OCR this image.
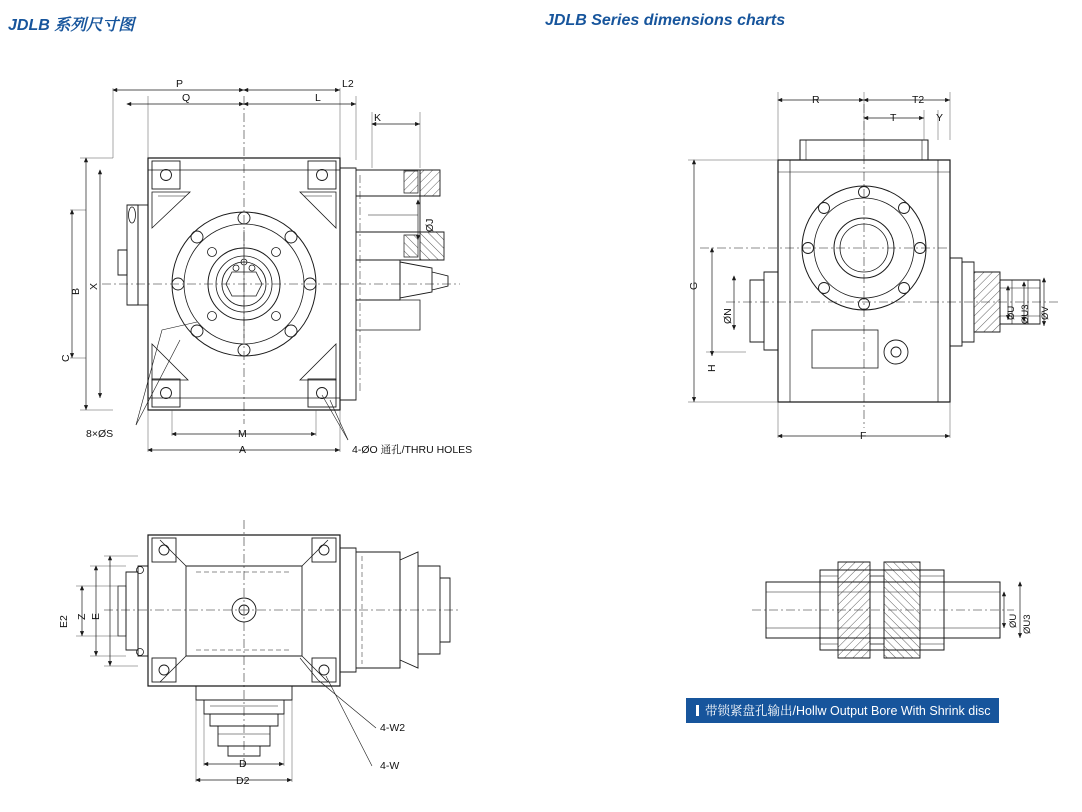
JDLB 系列尺寸图	JDLB Series dimensions charts
P	L2
Q	L
K
ØJ
B
X
C
M
A
8×ØS
4-ØO 通孔/THRU HOLES
R	T2
T	Y
G
ØN
H
ØU ØU3 ØV
F
E2 Z E
D
D2
4-W2
4-W
ØU ØU3
带锁紧盘孔输出/Hollw Output Bore With Shrink disc
